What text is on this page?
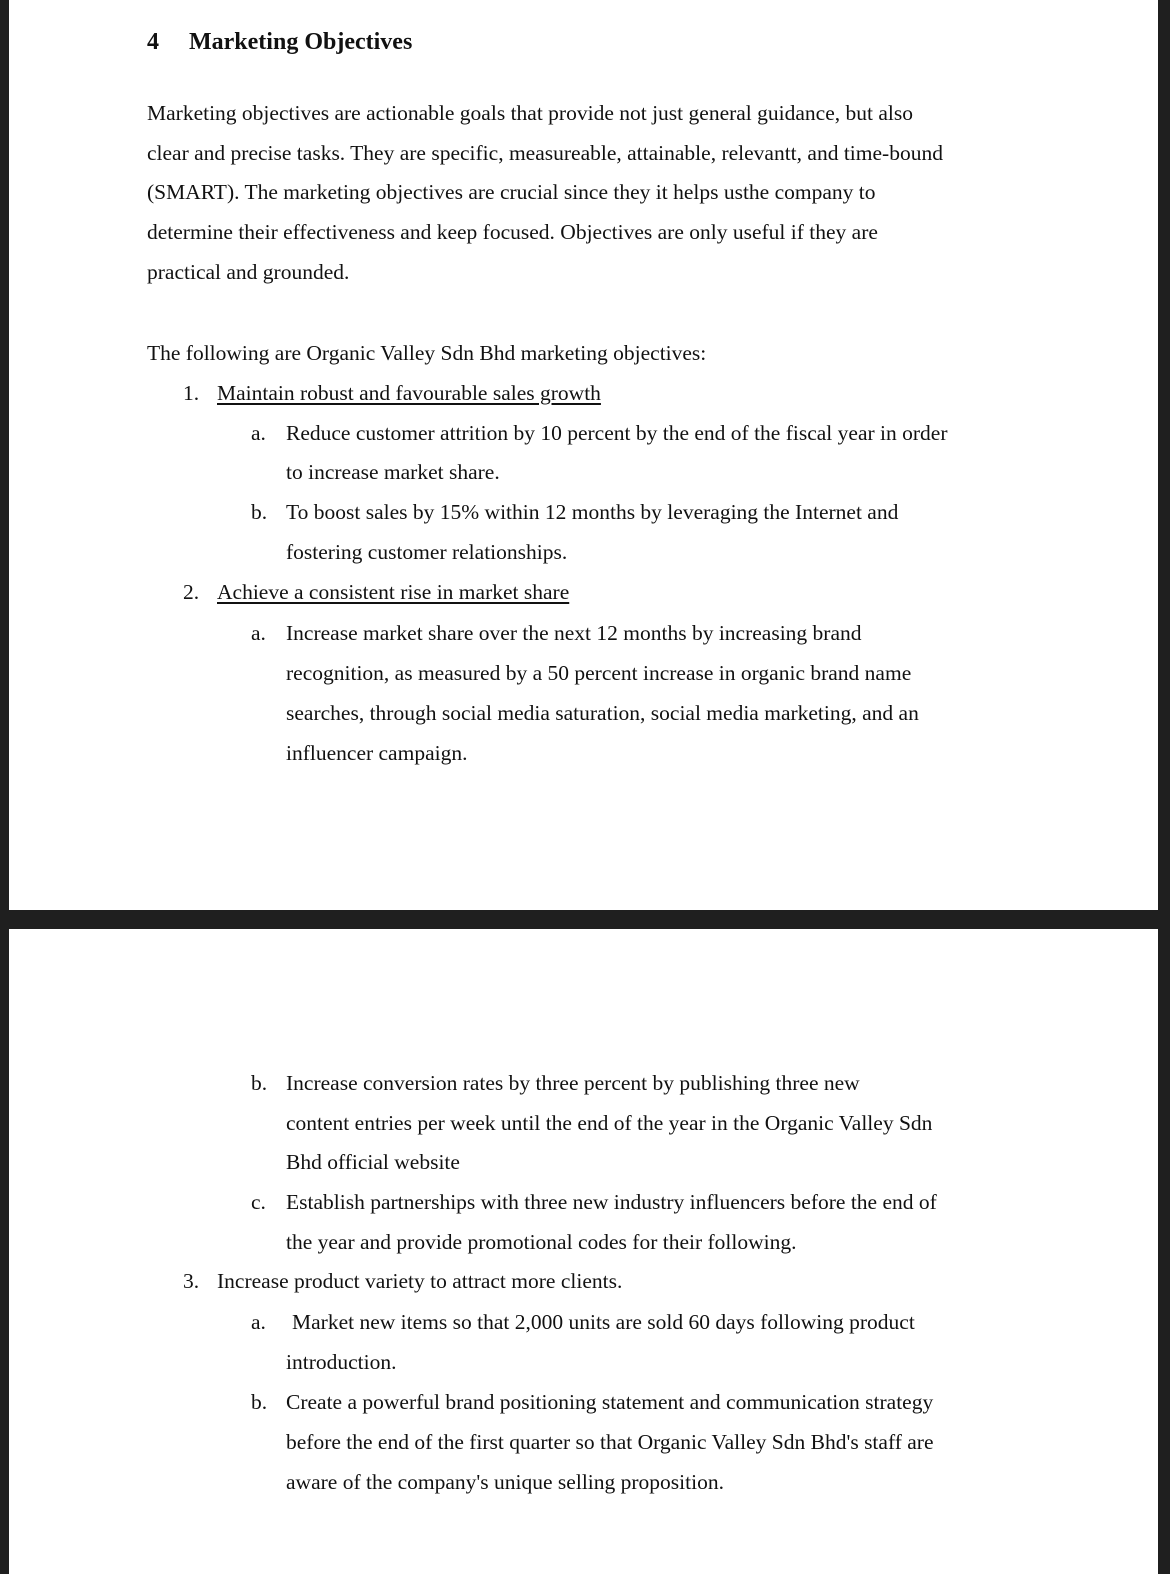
4 Marketing Objectives
Marketing objectives are actionable goals that provide not just general guidance, but also
clear and precise tasks. They are specific, measureable, attainable, relevantt, and time-bound
(SMART). The marketing objectives are crucial since they it helps usthe company to
determine their effectiveness and keep focused. Objectives are only useful if they are
practical and grounded.
The following are Organic Valley Sdn Bhd marketing objectives:
1. Maintain robust and favourable sales growth
a. Reduce customer attrition by 10 percent by the end of the fiscal year in order
to increase market share.
b. To boost sales by 15% within 12 months by leveraging the Internet and
fostering customer relationships.
2. Achieve a consistent rise in market share
a. Increase market share over the next 12 months by increasing brand
recognition, as measured by a 50 percent increase in organic brand name
searches, through social media saturation, social media marketing, and an
influencer campaign.
b. Increase conversion rates by three percent by publishing three new
content entries per week until the end of the year in the Organic Valley Sdn
Bhd official website
c. Establish partnerships with three new industry influencers before the end of
the year and provide promotional codes for their following.
3. Increase product variety to attract more clients.
a. Market new items so that 2,000 units are sold 60 days following product
introduction.
b. Create a powerful brand positioning statement and communication strategy
before the end of the first quarter so that Organic Valley Sdn Bhd's staff are
aware of the company's unique selling proposition.
